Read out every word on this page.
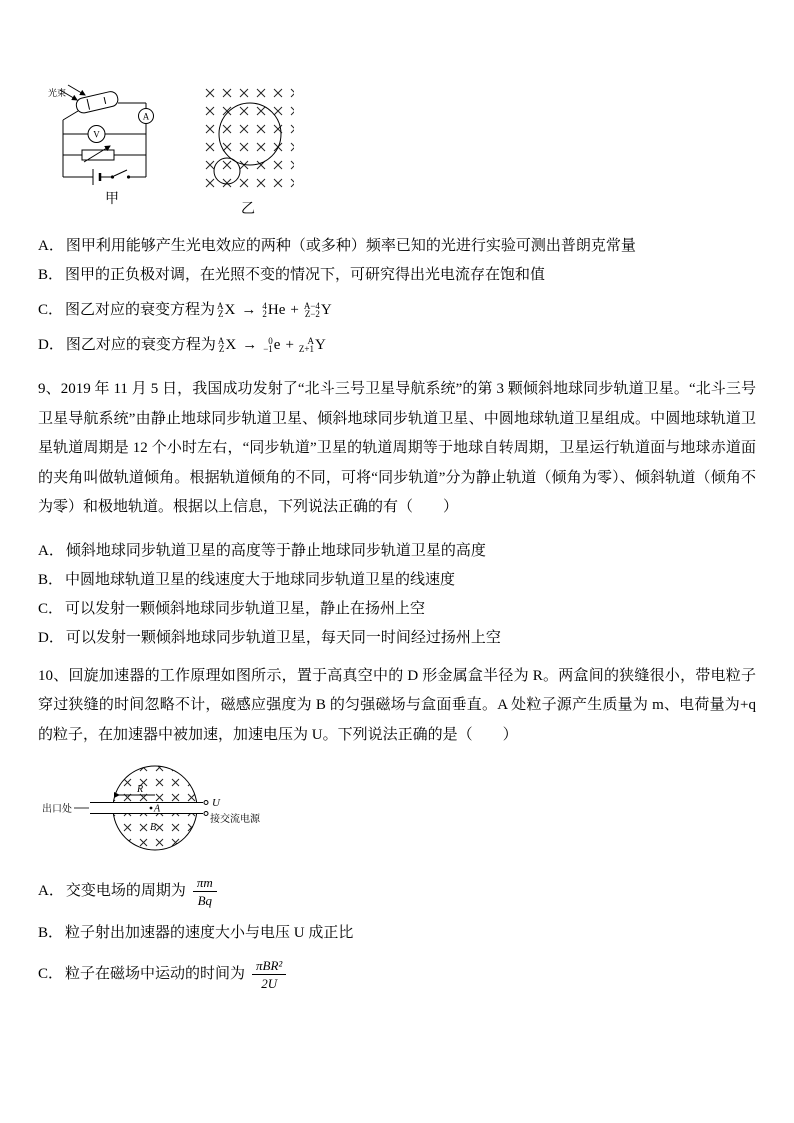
光束
A
V
甲
乙
A． 图甲利用能够产生光电效应的两种（或多种）频率已知的光进行实验可测出普朗克常量
B． 图甲的正负极对调，在光照不变的情况下，可研究得出光电流存在饱和值
C． 图乙对应的衰变方程为 A
Z X → 4
2 He + A−4
Z−2 Y
D． 图乙对应的衰变方程为 A
Z X → 0
−1 e + A
Z+1 Y

9、2019 年 11 月 5 日，我国成功发射了“北斗三号卫星导航系统”的第 3 颗倾斜地球同步轨道卫星。“北斗三号卫星导航系统”由静止地球同步轨道卫星、倾斜地球同步轨道卫星、中圆地球轨道卫星组成。中圆地球轨道卫星轨道周期是 12 个小时左右，“同步轨道”卫星的轨道周期等于地球自转周期，卫星运行轨道面与地球赤道面的夹角叫做轨道倾角。根据轨道倾角的不同，可将“同步轨道”分为静止轨道（倾角为零）、倾斜轨道（倾角不为零）和极地轨道。根据以上信息，下列说法正确的有（　　）

A． 倾斜地球同步轨道卫星的高度等于静止地球同步轨道卫星的高度
B． 中圆地球轨道卫星的线速度大于地球同步轨道卫星的线速度
C． 可以发射一颗倾斜地球同步轨道卫星，静止在扬州上空
D． 可以发射一颗倾斜地球同步轨道卫星，每天同一时间经过扬州上空

10、回旋加速器的工作原理如图所示，置于高真空中的 D 形金属盒半径为 R。两盒间的狭缝很小，带电粒子穿过狭缝的时间忽略不计，磁感应强度为 B 的匀强磁场与盒面垂直。A 处粒子源产生质量为 m、电荷量为+q 的粒子，在加速器中被加速，加速电压为 U。下列说法正确的是（　　）

U
接交流电源
R
A
B
出口处
A． 交变电场的周期为 $\frac{\pi m}{Bq}$
B． 粒子射出加速器的速度大小与电压 U 成正比
C． 粒子在磁场中运动的时间为 $\frac{\text{πBR²}}{2U}$
